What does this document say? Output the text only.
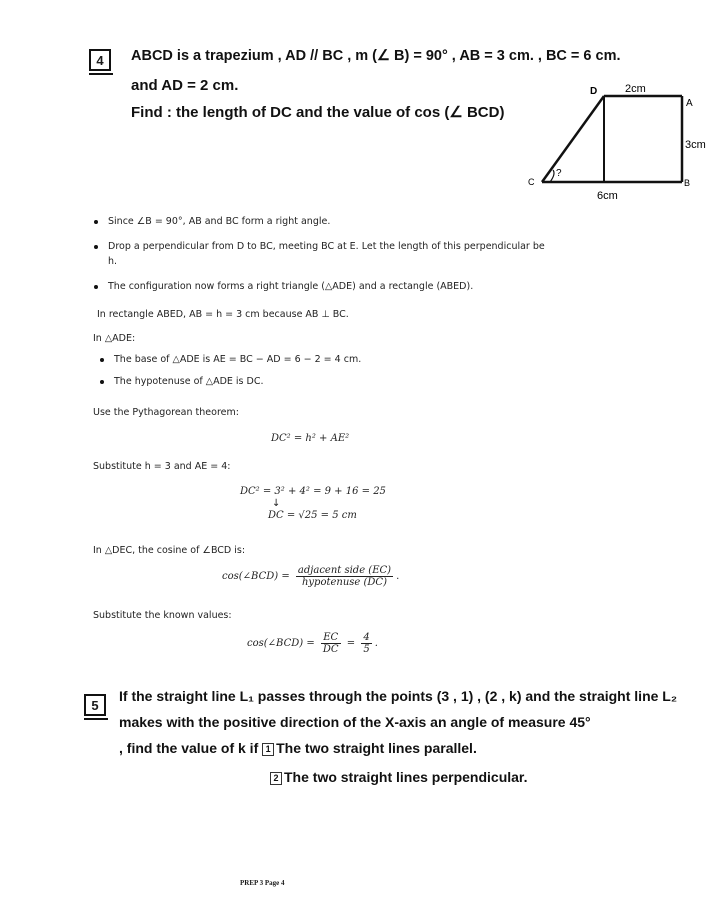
4	ABCD is a trapezium , AD // BC , m (∠ B) = 90° , AB = 3 cm. , BC = 6 cm.
and AD = 2 cm.
Find : the length of DC and the value of cos (∠ BCD)
D
A
B
C
2cm
3cm
6cm
?
Since ∠B = 90°, AB and BC form a right angle.
Drop a perpendicular from D to BC, meeting BC at E. Let the length of this perpendicular be
h.
The configuration now forms a right triangle (△ADE) and a rectangle (ABED).
In rectangle ABED, AB = h = 3 cm because AB ⊥ BC.
In △ADE:
The base of △ADE is AE = BC − AD = 6 − 2 = 4 cm.
The hypotenuse of △ADE is DC.
Use the Pythagorean theorem:
DC² = h² + AE²
Substitute h = 3 and AE = 4:
DC² = 3² + 4² = 9 + 16 = 25
↓
DC = √25 = 5 cm
In △DEC, the cosine of ∠BCD is:
cos(∠BCD) = $\frac{\text{adjacent side (EC)}}{\text{hypotenuse (DC)}}$ .
Substitute the known values:
cos(∠BCD) = $\frac{EC}{DC} = \frac{4}{5}$ .
5
If the straight line L₁ passes through the points (3 , 1) , (2 , k) and the straight line L₂
makes with the positive direction of the X-axis an angle of measure 45°
, find the value of k if 1 The two straight lines parallel.
2 The two straight lines perpendicular.
PREP 3 Page 4
